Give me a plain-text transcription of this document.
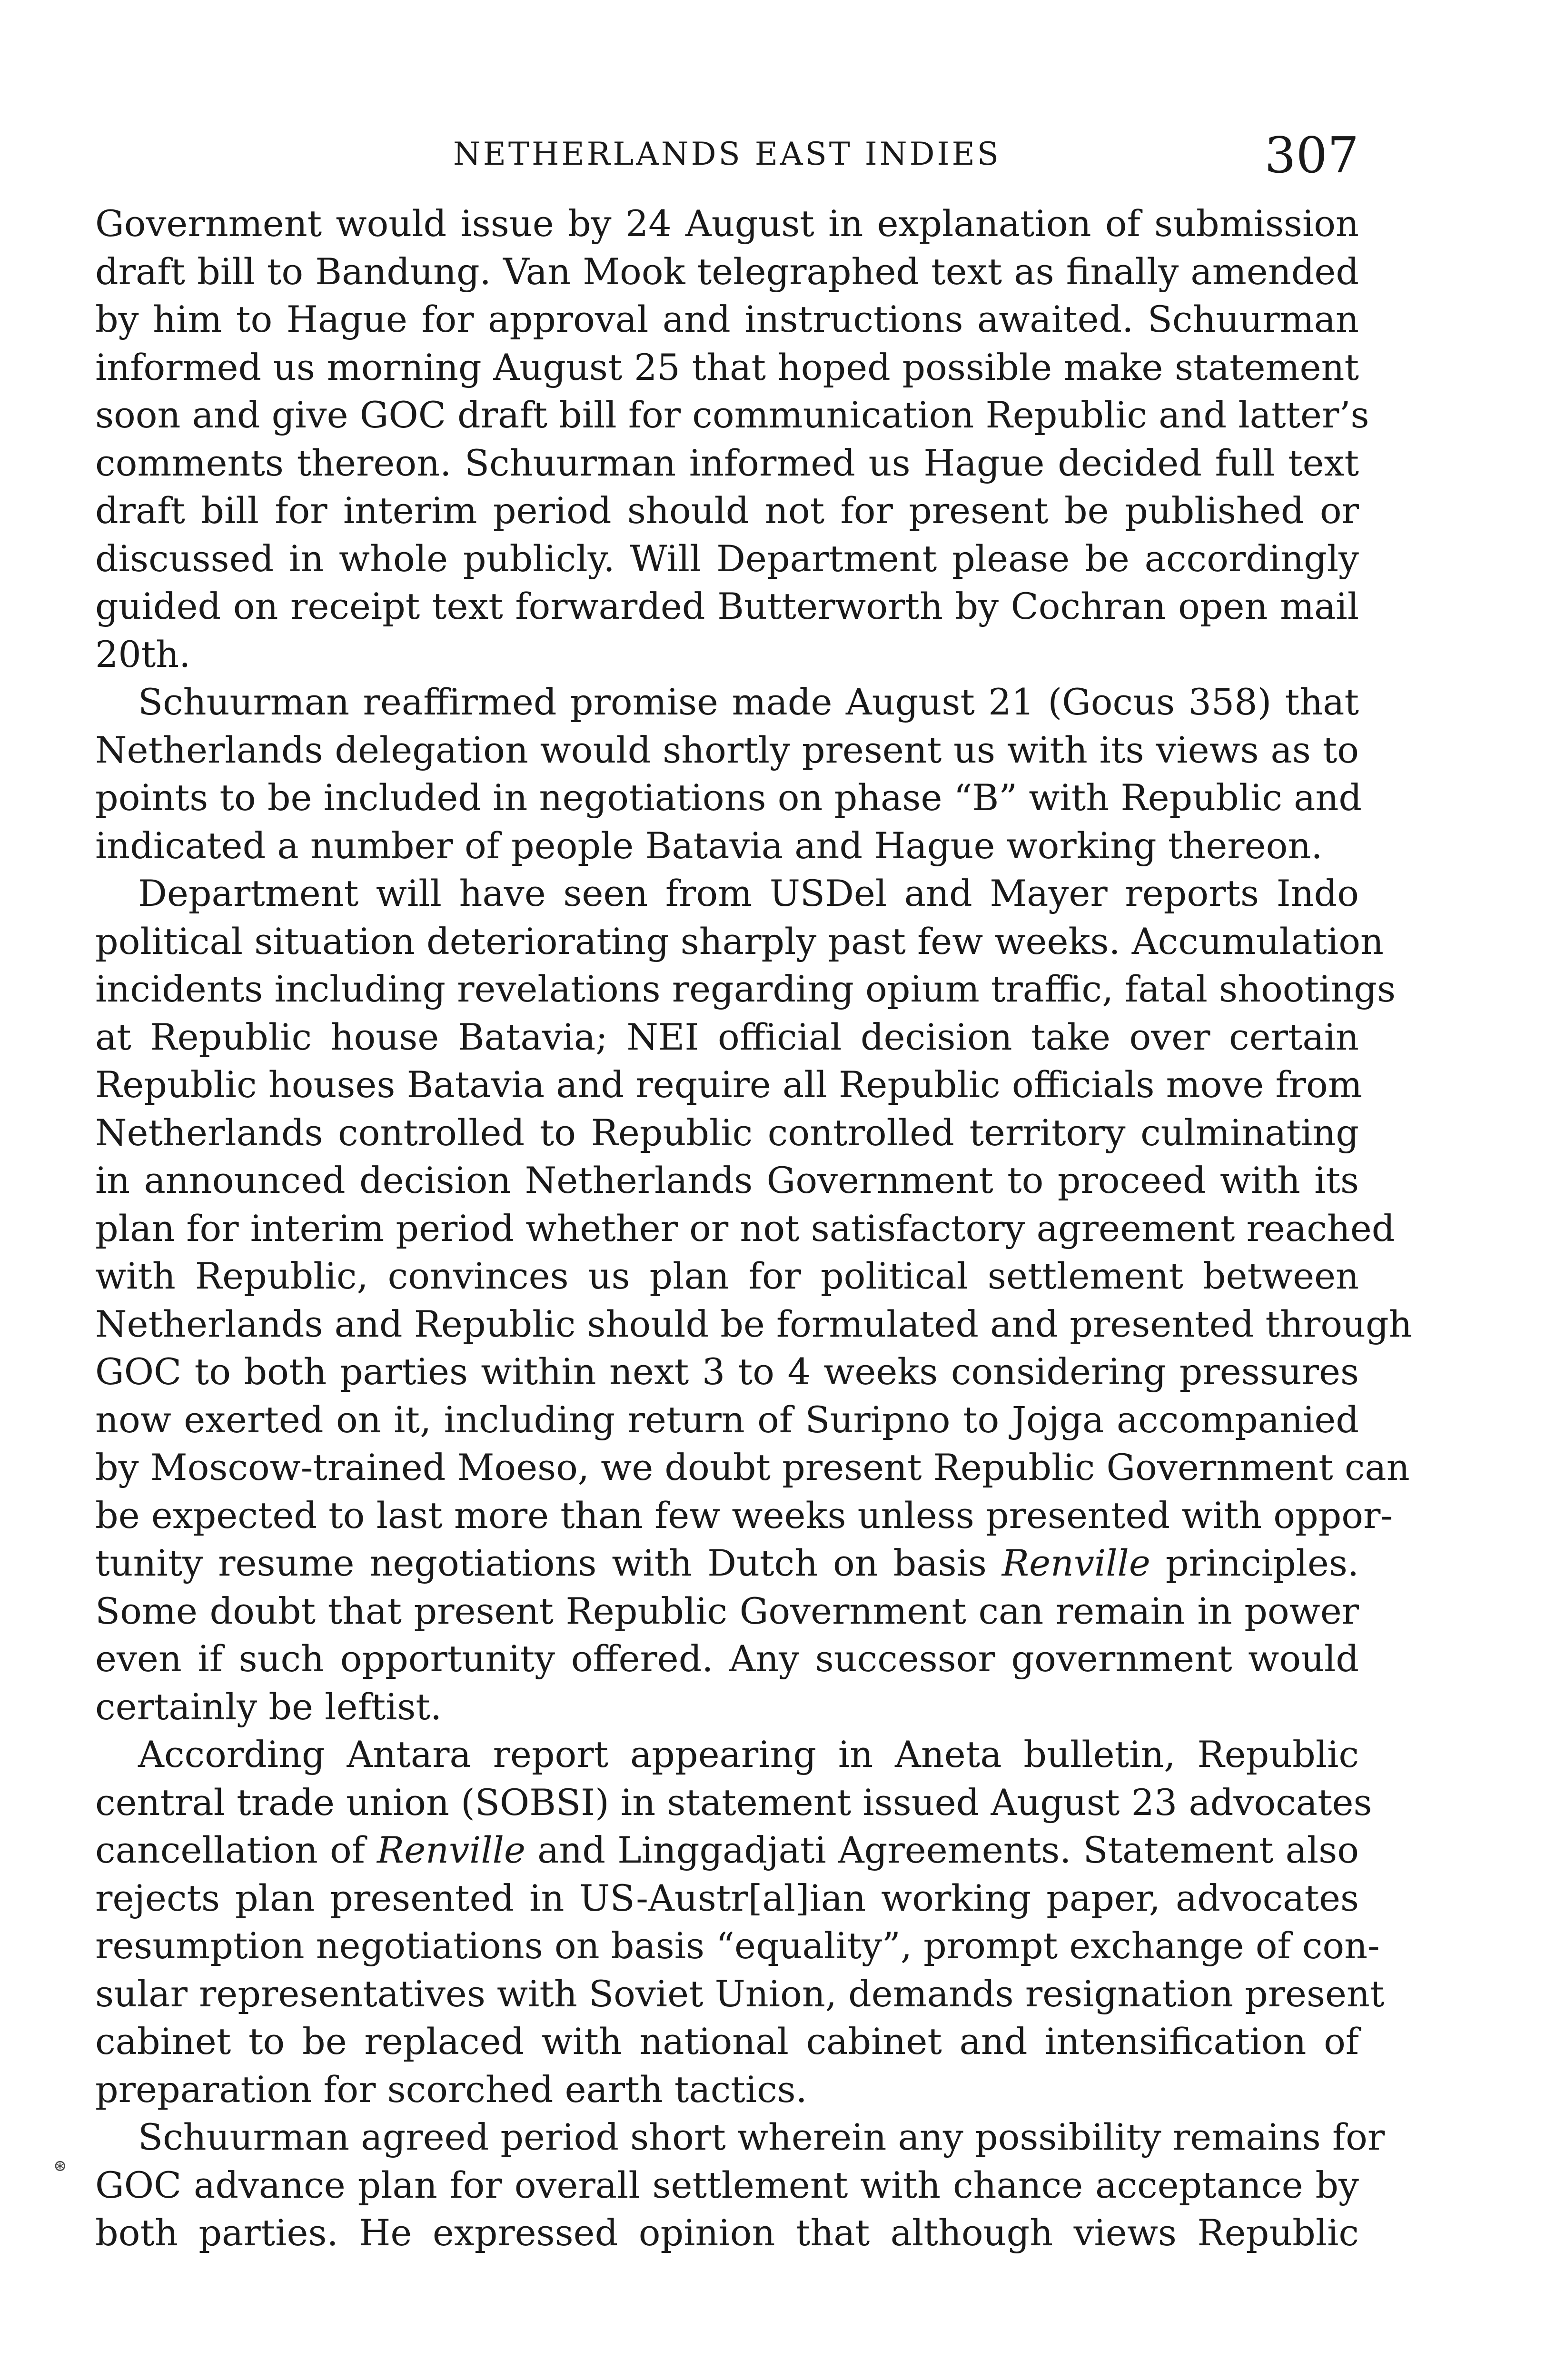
NETHERLANDS EAST INDIES	307
Government would issue by 24 August in explanation of submission
draft bill to Bandung. Van Mook telegraphed text as finally amended
by him to Hague for approval and instructions awaited. Schuurman
informed us morning August 25 that hoped possible make statement
soon and give GOC draft bill for communication Republic and latter’s
comments thereon. Schuurman informed us Hague decided full text
draft bill for interim period should not for present be published or
discussed in whole publicly. Will Department please be accordingly
guided on receipt text forwarded Butterworth by Cochran open mail
20th.
Schuurman reaffirmed promise made August 21 (Gocus 358) that
Netherlands delegation would shortly present us with its views as to
points to be included in negotiations on phase “B” with Republic and
indicated a number of people Batavia and Hague working thereon.
Department will have seen from USDel and Mayer reports Indo
political situation deteriorating sharply past few weeks. Accumulation
incidents including revelations regarding opium traffic, fatal shootings
at Republic house Batavia; NEI official decision take over certain
Republic houses Batavia and require all Republic officials move from
Netherlands controlled to Republic controlled territory culminating
in announced decision Netherlands Government to proceed with its
plan for interim period whether or not satisfactory agreement reached
with Republic, convinces us plan for political settlement between
Netherlands and Republic should be formulated and presented through
GOC to both parties within next 3 to 4 weeks considering pressures
now exerted on it, including return of Suripno to Jojga accompanied
by Moscow-trained Moeso, we doubt present Republic Government can
be expected to last more than few weeks unless presented with oppor-
tunity resume negotiations with Dutch on basis Renville principles.
Some doubt that present Republic Government can remain in power
even if such opportunity offered. Any successor government would
certainly be leftist.
According Antara report appearing in Aneta bulletin, Republic
central trade union (SOBSI) in statement issued August 23 advocates
cancellation of Renville and Linggadjati Agreements. Statement also
rejects plan presented in US-Austr[al]ian working paper, advocates
resumption negotiations on basis “equality”, prompt exchange of con-
sular representatives with Soviet Union, demands resignation present
cabinet to be replaced with national cabinet and intensification of
preparation for scorched earth tactics.
Schuurman agreed period short wherein any possibility remains for
GOC advance plan for overall settlement with chance acceptance by
both parties. He expressed opinion that although views Republic
⊛
